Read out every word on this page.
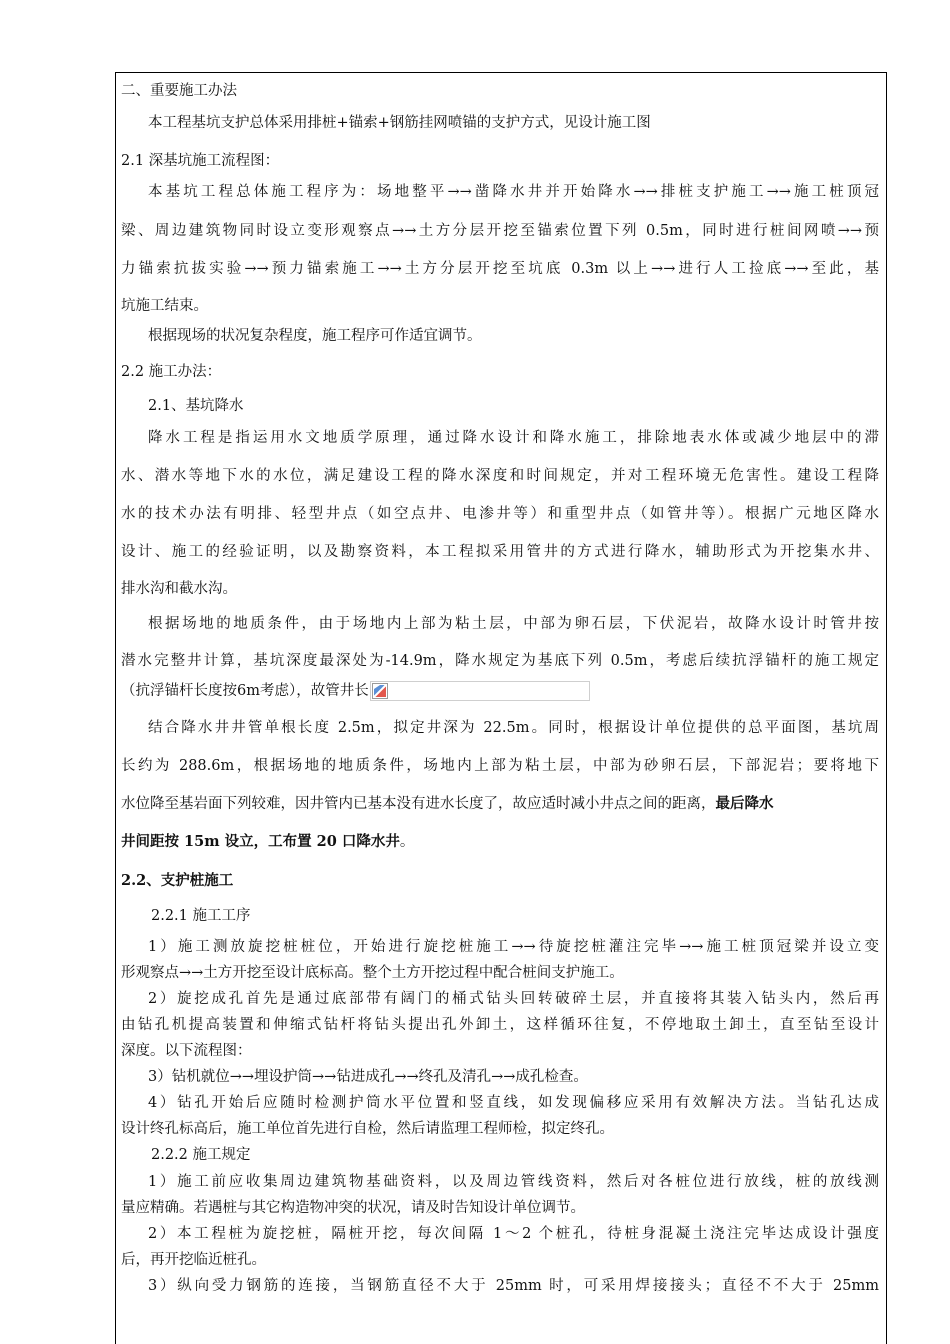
二、重要施工办法
本工程基坑支护总体采用排桩+锚索+钢筋挂网喷锚的支护方式，见设计施工图
2.1 深基坑施工流程图：
本基坑工程总体施工程序为：场地整平→→凿降水井并开始降水→→排桩支护施工→→施工桩顶冠
梁、周边建筑物同时设立变形观察点→→土方分层开挖至锚索位置下列 0.5m，同时进行桩间网喷→→预
力锚索抗拔实验→→预力锚索施工→→土方分层开挖至坑底 0.3m 以上→→进行人工捡底→→至此，基
坑施工结束。
根据现场的状况复杂程度，施工程序可作适宜调节。
2.2 施工办法：
2.1、基坑降水
降水工程是指运用水文地质学原理，通过降水设计和降水施工，排除地表水体或减少地层中的滞
水、潜水等地下水的水位，满足建设工程的降水深度和时间规定，并对工程环境无危害性。建设工程降
水的技术办法有明排、轻型井点（如空点井、电渗井等）和重型井点（如管井等）。根据广元地区降水
设计、施工的经验证明，以及勘察资料，本工程拟采用管井的方式进行降水，辅助形式为开挖集水井、
排水沟和截水沟。
根据场地的地质条件，由于场地内上部为粘土层，中部为卵石层，下伏泥岩，故降水设计时管井按
潜水完整井计算，基坑深度最深处为-14.9m，降水规定为基底下列 0.5m，考虑后续抗浮锚杆的施工规定
（抗浮锚杆长度按6m考虑），故管井长
结合降水井井管单根长度 2.5m，拟定井深为 22.5m。同时，根据设计单位提供的总平面图，基坑周
长约为 288.6m，根据场地的地质条件，场地内上部为粘土层，中部为砂卵石层，下部泥岩；要将地下
水位降至基岩面下列较难，因井管内已基本没有进水长度了，故应适时减小井点之间的距离，最后降水
井间距按 15m 设立，工布置 20 口降水井。
2.2、支护桩施工
2.2.1 施工工序
1）施工测放旋挖桩桩位，开始进行旋挖桩施工→→待旋挖桩灌注完毕→→施工桩顶冠梁并设立变
形观察点→→土方开挖至设计底标高。整个土方开挖过程中配合桩间支护施工。
2）旋挖成孔首先是通过底部带有阔门的桶式钻头回转破碎土层，并直接将其装入钻头内，然后再
由钻孔机提高装置和伸缩式钻杆将钻头提出孔外卸土，这样循环往复，不停地取土卸土，直至钻至设计
深度。以下流程图：
3）钻机就位→→埋设护筒→→钻进成孔→→终孔及清孔→→成孔检查。
4）钻孔开始后应随时检测护筒水平位置和竖直线，如发现偏移应采用有效解决方法。当钻孔达成
设计终孔标高后，施工单位首先进行自检，然后请监理工程师检，拟定终孔。
2.2.2 施工规定
1）施工前应收集周边建筑物基础资料，以及周边管线资料，然后对各桩位进行放线，桩的放线测
量应精确。若遇桩与其它构造物冲突的状况，请及时告知设计单位调节。
2）本工程桩为旋挖桩，隔桩开挖，每次间隔 1～2 个桩孔，待桩身混凝土浇注完毕达成设计强度
后，再开挖临近桩孔。
3）纵向受力钢筋的连接，当钢筋直径不大于 25mm 时，可采用焊接接头；直径不不大于 25mm
